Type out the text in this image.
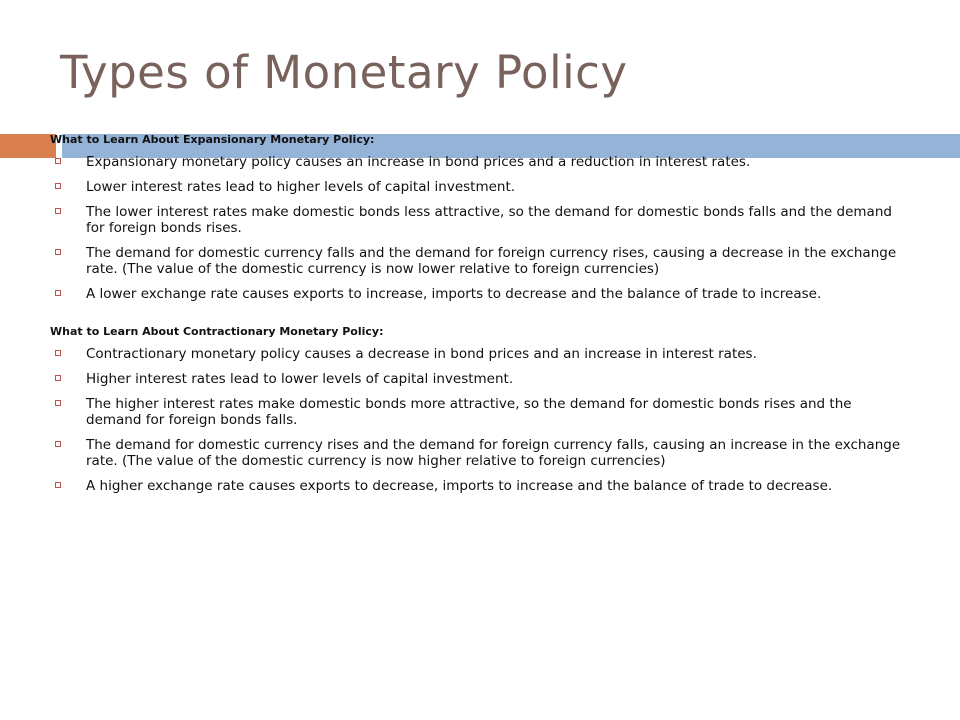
Types of Monetary Policy

What to Learn About Expansionary Monetary Policy:

Expansionary monetary policy causes an increase in bond prices and a reduction in interest rates.
Lower interest rates lead to higher levels of capital investment.
The lower interest rates make domestic bonds less attractive, so the demand for domestic bonds falls and the demand for foreign bonds rises.
The demand for domestic currency falls and the demand for foreign currency rises, causing a decrease in the exchange rate. (The value of the domestic currency is now lower relative to foreign currencies)
A lower exchange rate causes exports to increase, imports to decrease and the balance of trade to increase.

What to Learn About Contractionary Monetary Policy:

Contractionary monetary policy causes a decrease in bond prices and an increase in interest rates.
Higher interest rates lead to lower levels of capital investment.
The higher interest rates make domestic bonds more attractive, so the demand for domestic bonds rises and the demand for foreign bonds falls.
The demand for domestic currency rises and the demand for foreign currency falls, causing an increase in the exchange rate. (The value of the domestic currency is now higher relative to foreign currencies)
A higher exchange rate causes exports to decrease, imports to increase and the balance of trade to decrease.
